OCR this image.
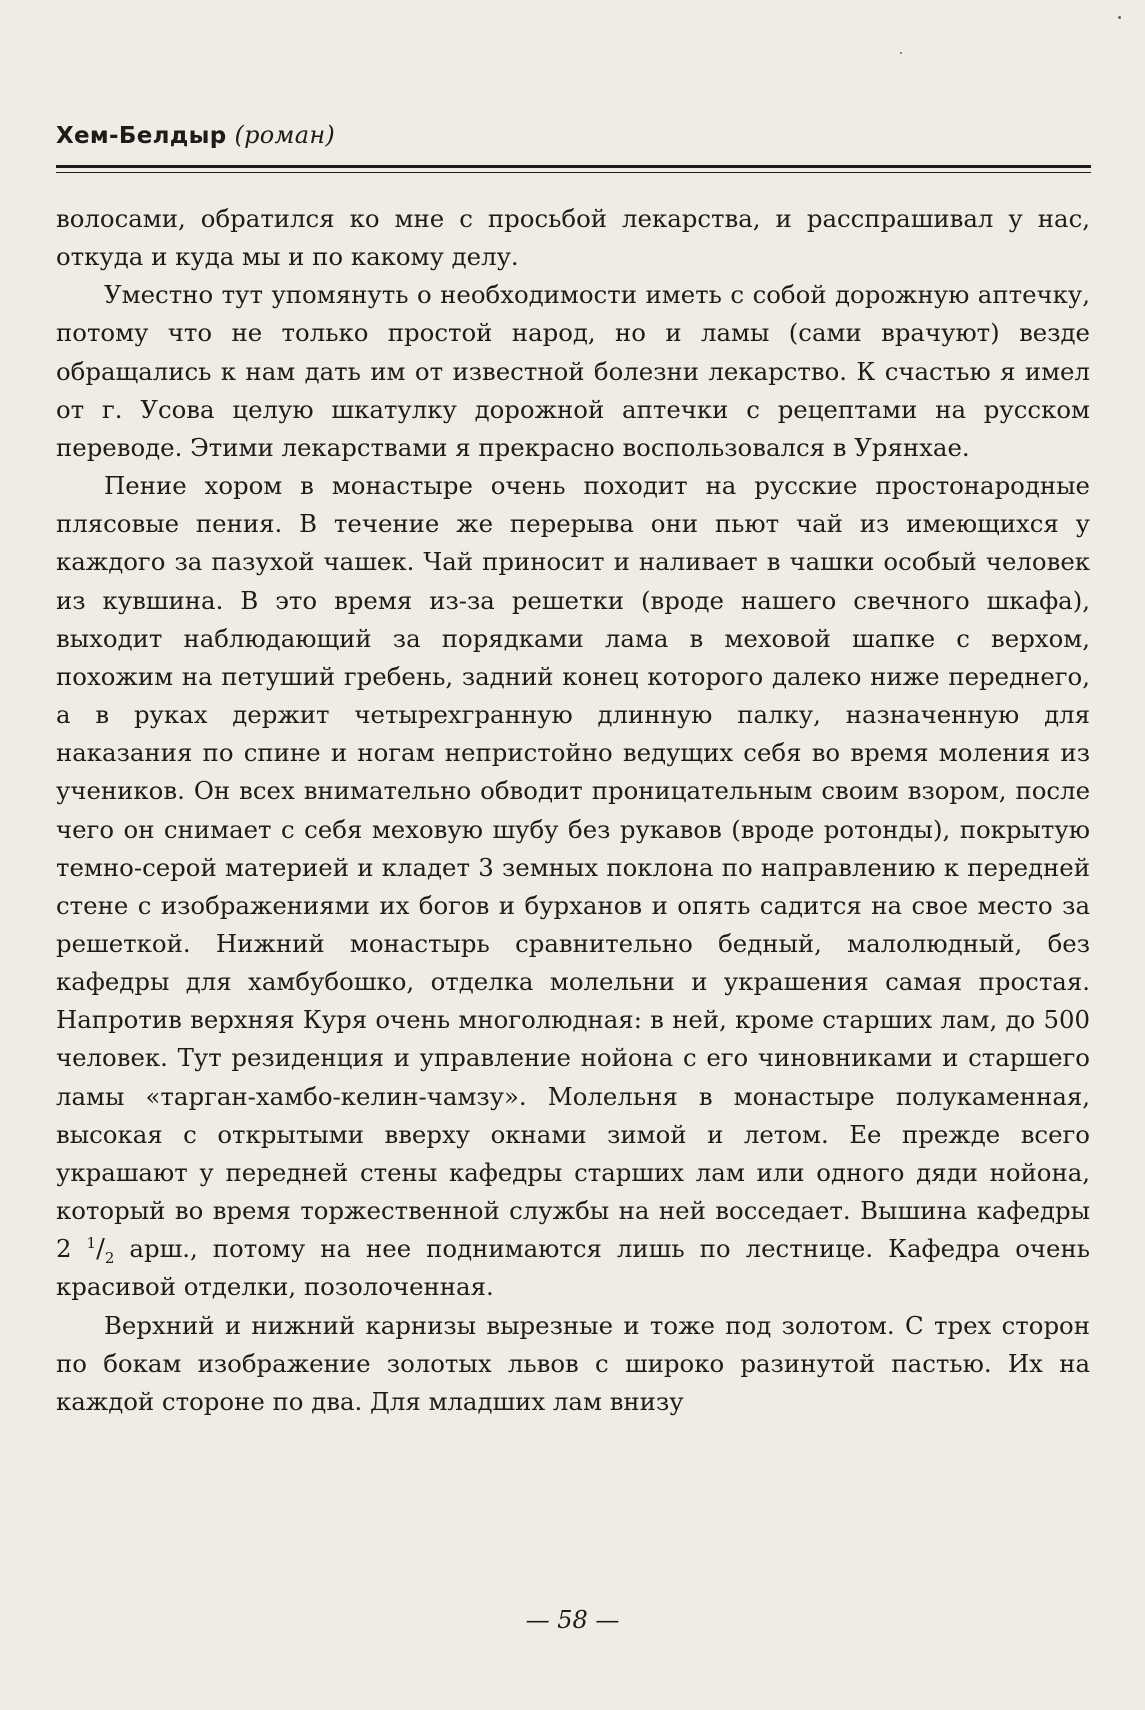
Хем-Белдыр (роман)

волосами, обратился ко мне с просьбой лекарства, и расспрашивал у нас, откуда и куда мы и по какому делу.

Уместно тут упомянуть о необходимости иметь с собой дорожную аптечку, потому что не только простой народ, но и ламы (сами врачуют) везде обращались к нам дать им от известной болезни лекарство. К счастью я имел от г. Усова целую шкатулку дорожной аптечки с рецептами на русском переводе. Этими лекарствами я прекрасно воспользовался в Урянхае.

Пение хором в монастыре очень походит на русские простонародные плясовые пения. В течение же перерыва они пьют чай из имеющихся у каждого за пазухой чашек. Чай приносит и наливает в чашки особый человек из кувшина. В это время из-за решетки (вроде нашего свечного шкафа), выходит наблюдающий за порядками лама в меховой шапке с верхом, похожим на петуший гребень, задний конец которого далеко ниже переднего, а в руках держит четырехгранную длинную палку, назначенную для наказания по спине и ногам непристойно ведущих себя во время моления из учеников. Он всех внимательно обводит проницательным своим взором, после чего он снимает с себя меховую шубу без рукавов (вроде ротонды), покрытую темно-серой материей и кладет 3 земных поклона по направлению к передней стене с изображениями их богов и бурханов и опять садится на свое место за решеткой. Нижний монастырь сравнительно бедный, малолюдный, без кафедры для хамбубошко, отделка молельни и украшения самая простая. Напротив верхняя Куря очень многолюдная: в ней, кроме старших лам, до 500 человек. Тут резиденция и управление нойона с его чиновниками и старшего ламы «тарган-хамбо-келин-чамзу». Молельня в монастыре полукаменная, высокая с открытыми вверху окнами зимой и летом. Ее прежде всего украшают у передней стены кафедры старших лам или одного дяди нойона, который во время торжественной службы на ней восседает. Вышина кафедры 2 $^1/_2$ арш., потому на нее поднимаются лишь по лестнице. Кафедра очень красивой отделки, позолоченная.

Верхний и нижний карнизы вырезные и тоже под золотом. С трех сторон по бокам изображение золотых львов с широко разинутой пастью. Их на каждой стороне по два. Для младших лам внизу

— 58 —
